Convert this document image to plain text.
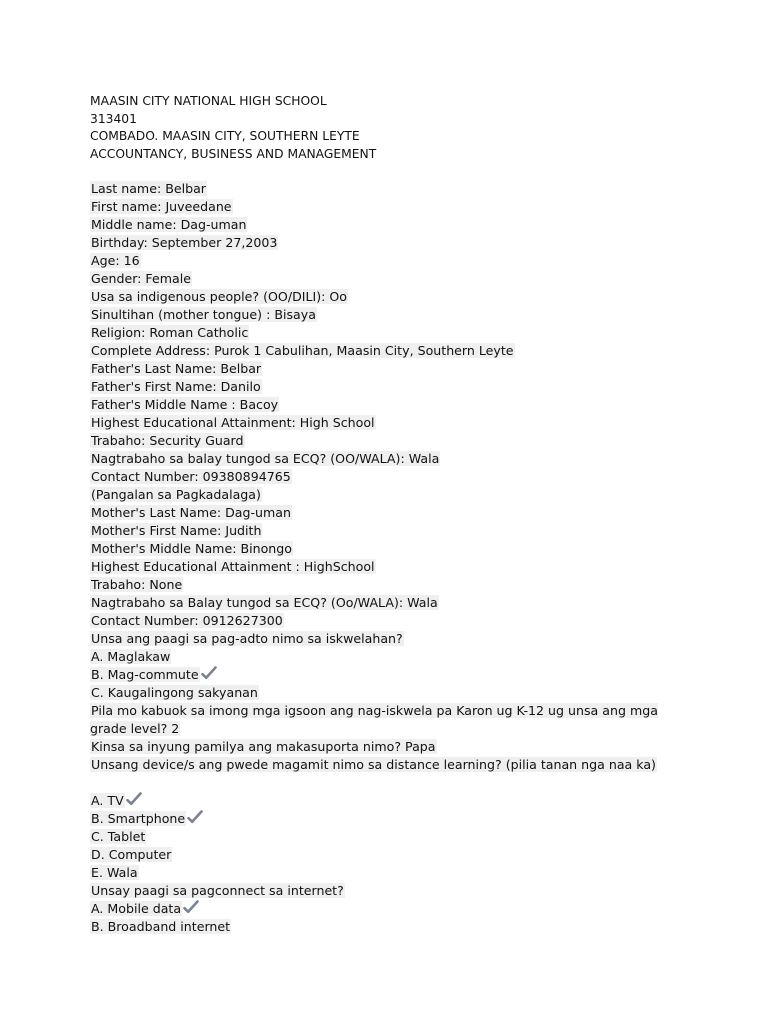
MAASIN CITY NATIONAL HIGH SCHOOL
313401
COMBADO. MAASIN CITY, SOUTHERN LEYTE
ACCOUNTANCY, BUSINESS AND MANAGEMENT
Last name: Belbar
First name: Juveedane
Middle name: Dag-uman
Birthday: September 27,2003
Age: 16
Gender: Female
Usa sa indigenous people? (OO/DILI): Oo
Sinultihan (mother tongue) : Bisaya
Religion: Roman Catholic
Complete Address: Purok 1 Cabulihan, Maasin City, Southern Leyte
Father's Last Name: Belbar
Father's First Name: Danilo
Father's Middle Name : Bacoy
Highest Educational Attainment: High School
Trabaho: Security Guard
Nagtrabaho sa balay tungod sa ECQ? (OO/WALA): Wala
Contact Number: 09380894765
(Pangalan sa Pagkadalaga)
Mother's Last Name: Dag-uman
Mother's First Name: Judith
Mother's Middle Name: Binongo
Highest Educational Attainment : HighSchool
Trabaho: None
Nagtrabaho sa Balay tungod sa ECQ? (Oo/WALA): Wala
Contact Number: 0912627300
Unsa ang paagi sa pag-adto nimo sa iskwelahan?
A. Maglakaw
B. Mag-commute
C. Kaugalingong sakyanan
Pila mo kabuok sa imong mga igsoon ang nag-iskwela pa Karon ug K-12 ug unsa ang mga grade level? 2
Kinsa sa inyung pamilya ang makasuporta nimo? Papa
Unsang device/s ang pwede magamit nimo sa distance learning? (pilia tanan nga naa ka)
A. TV
B. Smartphone
C. Tablet
D. Computer
E. Wala
Unsay paagi sa pagconnect sa internet?
A. Mobile data
B. Broadband internet
